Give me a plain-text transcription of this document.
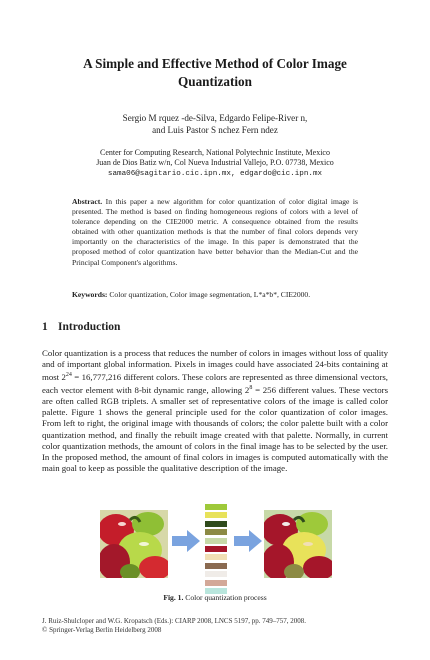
A Simple and Effective Method of Color Image
Quantization
Sergio M rquez -de-Silva, Edgardo Felipe-River n,
and Luis Pastor S nchez Fern ndez
Center for Computing Research, National Polytechnic Institute, Mexico
Juan de Dios Batiz w/n, Col Nueva Industrial Vallejo, P.O. 07738, Mexico
sama06@sagitario.cic.ipn.mx, edgardo@cic.ipn.mx
Abstract. In this paper a new algorithm for color quantization of color digital image is presented. The method is based on finding homogeneous regions of colors with a level of tolerance depending on the CIE2000 metric. A consequence obtained from the results obtained with other quantization methods is that the number of final colors depends very importantly on the characteristics of the image. In this paper is demonstrated that the proposed method of color quantization have better behavior than the Median-Cut and the Principal Component's algorithms.
Keywords: Color quantization, Color image segmentation, L*a*b*, CIE2000.
1 Introduction
Color quantization is a process that reduces the number of colors in images without loss of quality and of important global information. Pixels in images could have associated 24-bits containing at most $2^{24} = 16,777,216$ different colors. These colors are represented as three dimensional vectors, each vector element with 8-bit dynamic range, allowing $2^8 = 256$ different values. These vectors are often called RGB triplets. A smaller set of representative colors of the image is called color palette. Figure 1 shows the general principle used for the color quantization of color images. From left to right, the original image with thousands of colors; the color palette built with a color quantization method, and finally the rebuilt image created with that palette. Normally, in current color quantization methods, the amount of colors in the final image has to be selected by the user. In the proposed method, the amount of final colors in images is computed automatically with the main goal to keep as possible the qualitative description of the image.
Fig. 1. Color quantization process
J. Ruiz-Shulcloper and W.G. Kropatsch (Eds.): CIARP 2008, LNCS 5197, pp. 749–757, 2008.
© Springer-Verlag Berlin Heidelberg 2008
